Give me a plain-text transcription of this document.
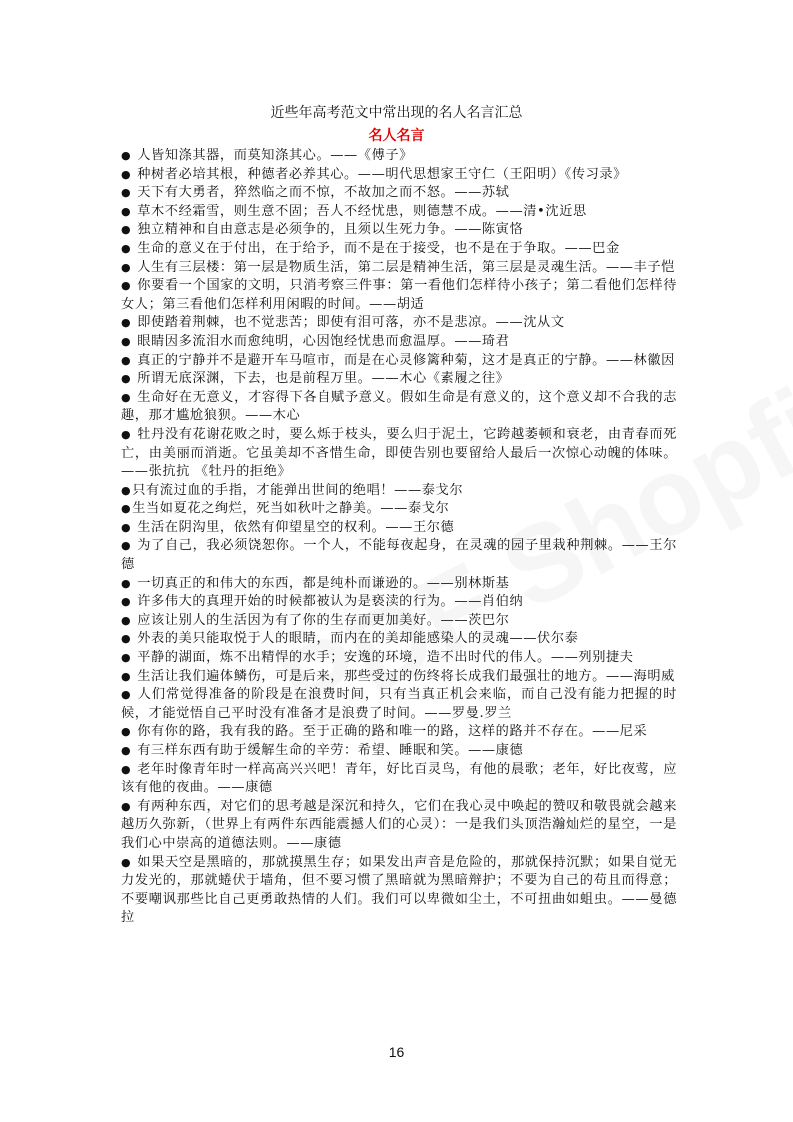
近些年高考范文中常出现的名人名言汇总
名人名言

● 人皆知涤其器，而莫知涤其心。——《傅子》

● 种树者必培其根，种德者必养其心。——明代思想家王守仁（王阳明）《传习录》

● 天下有大勇者，猝然临之而不惊，不故加之而不怒。——苏轼

● 草木不经霜雪，则生意不固；吾人不经忧患，则德慧不成。——清•沈近思

● 独立精神和自由意志是必须争的，且须以生死力争。——陈寅恪

● 生命的意义在于付出，在于给予，而不是在于接受，也不是在于争取。——巴金

● 人生有三层楼：第一层是物质生活，第二层是精神生活，第三层是灵魂生活。——丰子恺

● 你要看一个国家的文明，只消考察三件事：第一看他们怎样待小孩子；第二看他们怎样待女人；第三看他们怎样利用闲暇的时间。——胡适

● 即使踏着荆棘，也不觉悲苦；即使有泪可落，亦不是悲凉。——沈从文

● 眼睛因多流泪水而愈纯明，心因饱经忧患而愈温厚。——琦君

● 真正的宁静并不是避开车马喧市，而是在心灵修篱种菊，这才是真正的宁静。——林徽因

● 所谓无底深渊，下去，也是前程万里。——木心《素履之往》

● 生命好在无意义，才容得下各自赋予意义。假如生命是有意义的，这个意义却不合我的志趣，那才尴尬狼狈。——木心

● 牡丹没有花谢花败之时，要么烁于枝头，要么归于泥土，它跨越萎顿和衰老，由青春而死亡，由美丽而消逝。它虽美却不吝惜生命，即使告别也要留给人最后一次惊心动魄的体味。——张抗抗 《牡丹的拒绝》

●只有流过血的手指，才能弹出世间的绝唱！——泰戈尔

●生当如夏花之绚烂，死当如秋叶之静美。——泰戈尔

● 生活在阴沟里，依然有仰望星空的权利。——王尔德

● 为了自己，我必须饶恕你。一个人，不能每夜起身，在灵魂的园子里栽种荆棘。——王尔德

● 一切真正的和伟大的东西，都是纯朴而谦逊的。——别林斯基

● 许多伟大的真理开始的时候都被认为是亵渎的行为。——肖伯纳

● 应该让别人的生活因为有了你的生存而更加美好。——茨巴尔

● 外表的美只能取悦于人的眼睛，而内在的美却能感染人的灵魂——伏尔泰

● 平静的湖面，炼不出精悍的水手；安逸的环境，造不出时代的伟人。——列别捷夫

● 生活让我们遍体鳞伤，可是后来，那些受过的伤终将长成我们最强壮的地方。——海明威

● 人们常觉得准备的阶段是在浪费时间，只有当真正机会来临，而自己没有能力把握的时候，才能觉悟自己平时没有准备才是浪费了时间。——罗曼.罗兰

● 你有你的路，我有我的路。至于正确的路和唯一的路，这样的路并不存在。——尼采

● 有三样东西有助于缓解生命的辛劳：希望、睡眠和笑。——康德

● 老年时像青年时一样高高兴兴吧！青年，好比百灵鸟，有他的晨歌；老年，好比夜莺，应该有他的夜曲。——康德

● 有两种东西，对它们的思考越是深沉和持久，它们在我心灵中唤起的赞叹和敬畏就会越来越历久弥新，（世界上有两件东西能震撼人们的心灵）：一是我们头顶浩瀚灿烂的星空，一是我们心中崇高的道德法则。——康德

● 如果天空是黑暗的，那就摸黑生存；如果发出声音是危险的，那就保持沉默；如果自觉无力发光的，那就蜷伏于墙角，但不要习惯了黑暗就为黑暗辩护；不要为自己的苟且而得意；不要嘲讽那些比自己更勇敢热情的人们。我们可以卑微如尘土，不可扭曲如蛆虫。——曼德拉

16
